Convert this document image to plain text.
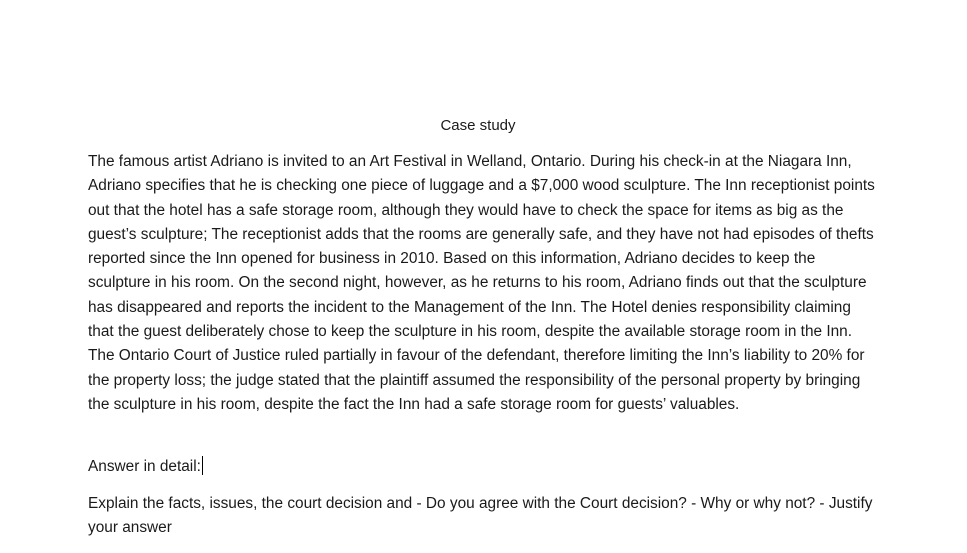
Case study

The famous artist Adriano is invited to an Art Festival in Welland, Ontario. During his check-in at the Niagara Inn, Adriano specifies that he is checking one piece of luggage and a $7,000 wood sculpture. The Inn receptionist points out that the hotel has a safe storage room, although they would have to check the space for items as big as the guest’s sculpture; The receptionist adds that the rooms are generally safe, and they have not had episodes of thefts reported since the Inn opened for business in 2010. Based on this information, Adriano decides to keep the sculpture in his room. On the second night, however, as he returns to his room, Adriano finds out that the sculpture has disappeared and reports the incident to the Management of the Inn. The Hotel denies responsibility claiming that the guest deliberately chose to keep the sculpture in his room, despite the available storage room in the Inn. The Ontario Court of Justice ruled partially in favour of the defendant, therefore limiting the Inn’s liability to 20% for the property loss; the judge stated that the plaintiff assumed the responsibility of the personal property by bringing the sculpture in his room, despite the fact the Inn had a safe storage room for guests’ valuables.

Answer in detail:

Explain the facts, issues, the court decision and - Do you agree with the Court decision? - Why or why not? - Justify your answer
